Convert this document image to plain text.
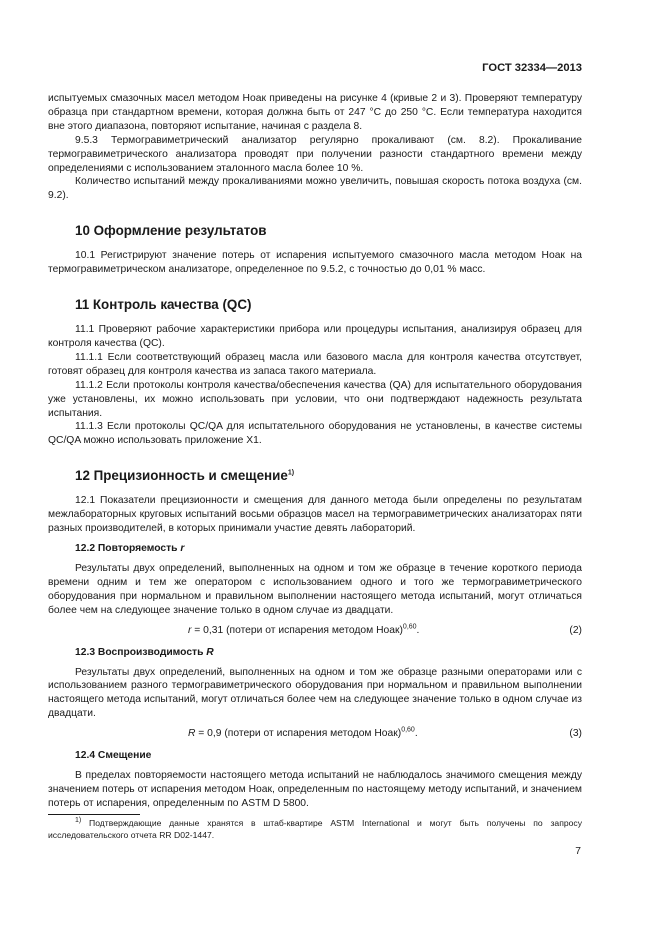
ГОСТ 32334—2013

испытуемых смазочных масел методом Ноак приведены на рисунке 4 (кривые 2 и 3). Проверяют температуру образца при стандартном времени, которая должна быть от 247 °С до 250 °С. Если температура находится вне этого диапазона, повторяют испытание, начиная с раздела 8.

9.5.3 Термогравиметрический анализатор регулярно прокаливают (см. 8.2). Прокаливание термогравиметрического анализатора проводят при получении разности стандартного времени между определениями с использованием эталонного масла более 10 %.

Количество испытаний между прокаливаниями можно увеличить, повышая скорость потока воздуха (см. 9.2).

10 Оформление результатов

10.1 Регистрируют значение потерь от испарения испытуемого смазочного масла методом Ноак на термогравиметрическом анализаторе, определенное по 9.5.2, с точностью до 0,01 % масс.

11 Контроль качества (QC)

11.1 Проверяют рабочие характеристики прибора или процедуры испытания, анализируя образец для контроля качества (QC).

11.1.1 Если соответствующий образец масла или базового масла для контроля качества отсутствует, готовят образец для контроля качества из запаса такого материала.

11.1.2 Если протоколы контроля качества/обеспечения качества (QA) для испытательного оборудования уже установлены, их можно использовать при условии, что они подтверждают надежность результата испытания.

11.1.3 Если протоколы QC/QA для испытательного оборудования не установлены, в качестве системы QC/QA можно использовать приложение Х1.

12 Прецизионность и смещение$^{1)}$

12.1 Показатели прецизионности и смещения для данного метода были определены по результатам межлабораторных круговых испытаний восьми образцов масел на термогравиметрических анализаторах пяти разных производителей, в которых принимали участие девять лабораторий.

12.2 Повторяемость r

Результаты двух определений, выполненных на одном и том же образце в течение короткого периода времени одним и тем же оператором с использованием одного и того же термогравиметрического оборудования при нормальном и правильном выполнении настоящего метода испытаний, могут отличаться более чем на следующее значение только в одном случае из двадцати.

r = 0,31 (потери от испарения методом Ноак)$^{0,60}$.	(2)
12.3 Воспроизводимость R

Результаты двух определений, выполненных на одном и том же образце разными операторами или с использованием разного термогравиметрического оборудования при нормальном и правильном выполнении настоящего метода испытаний, могут отличаться более чем на следующее значение только в одном случае из двадцати.

R = 0,9 (потери от испарения методом Ноак)$^{0,60}$.	(3)
12.4 Смещение

В пределах повторяемости настоящего метода испытаний не наблюдалось значимого смещения между значением потерь от испарения методом Ноак, определенным по настоящему методу испытаний, и значением потерь от испарения, определенным по ASTM D 5800.

$^{1)}$ Подтверждающие данные хранятся в штаб-квартире ASTM International и могут быть получены по запросу исследовательского отчета RR D02-1447.
7
